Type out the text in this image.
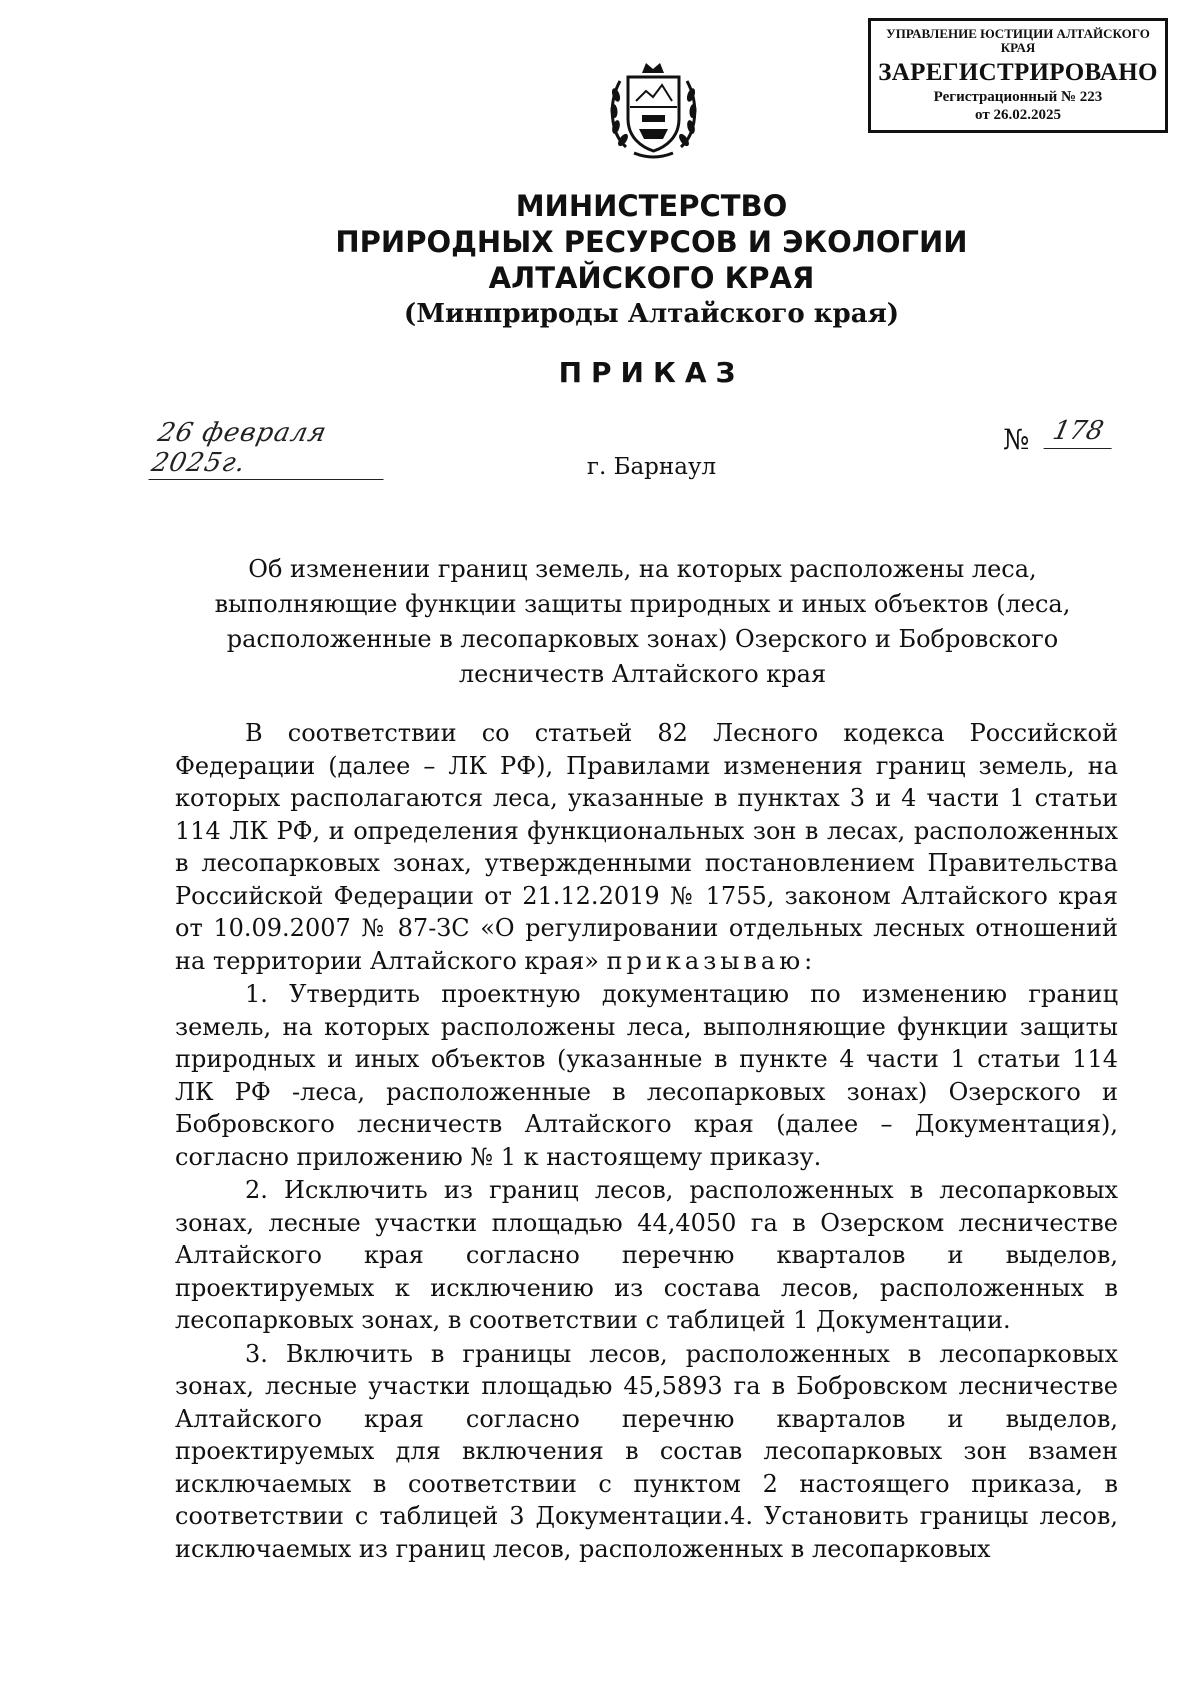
УПРАВЛЕНИЕ ЮСТИЦИИ АЛТАЙСКОГО КРАЯ
ЗАРЕГИСТРИРОВАНО
Регистрационный № 223
от 26.02.2025
МИНИСТЕРСТВО
ПРИРОДНЫХ РЕСУРСОВ И ЭКОЛОГИИ
АЛТАЙСКОГО КРАЯ
(Минприроды Алтайского края)
ПРИКАЗ
26 февраля 2025г.
№ 178
г. Барнаул
Об изменении границ земель, на которых расположены леса, выполняющие функции защиты природных и иных объектов (леса, расположенные в лесопарковых зонах) Озерского и Бобровского лесничеств Алтайского края

В соответствии со статьей 82 Лесного кодекса Российской Федерации (далее – ЛК РФ), Правилами изменения границ земель, на которых располагаются леса, указанные в пунктах 3 и 4 части 1 статьи 114 ЛК РФ, и определения функциональных зон в лесах, расположенных в лесопарковых зонах, утвержденными постановлением Правительства Российской Федерации от 21.12.2019 № 1755, законом Алтайского края от 10.09.2007 № 87-ЗС «О регулировании отдельных лесных отношений на территории Алтайского края» приказываю:

1. Утвердить проектную документацию по изменению границ земель, на которых расположены леса, выполняющие функции защиты природных и иных объектов (указанные в пункте 4 части 1 статьи 114 ЛК РФ -леса, расположенные в лесопарковых зонах) Озерского и Бобровского лесничеств Алтайского края (далее – Документация), согласно приложению № 1 к настоящему приказу.

2. Исключить из границ лесов, расположенных в лесопарковых зонах, лесные участки площадью 44,4050 га в Озерском лесничестве Алтайского края согласно перечню кварталов и выделов, проектируемых к исключению из состава лесов, расположенных в лесопарковых зонах, в соответствии с таблицей 1 Документации.

3. Включить в границы лесов, расположенных в лесопарковых зонах, лесные участки площадью 45,5893 га в Бобровском лесничестве Алтайского края согласно перечню кварталов и выделов, проектируемых для включения в состав лесопарковых зон взамен исключаемых в соответствии с пунктом 2 настоящего приказа, в соответствии с таблицей 3 Документации.4. Установить границы лесов, исключаемых из границ лесов, расположенных в лесопарковых
